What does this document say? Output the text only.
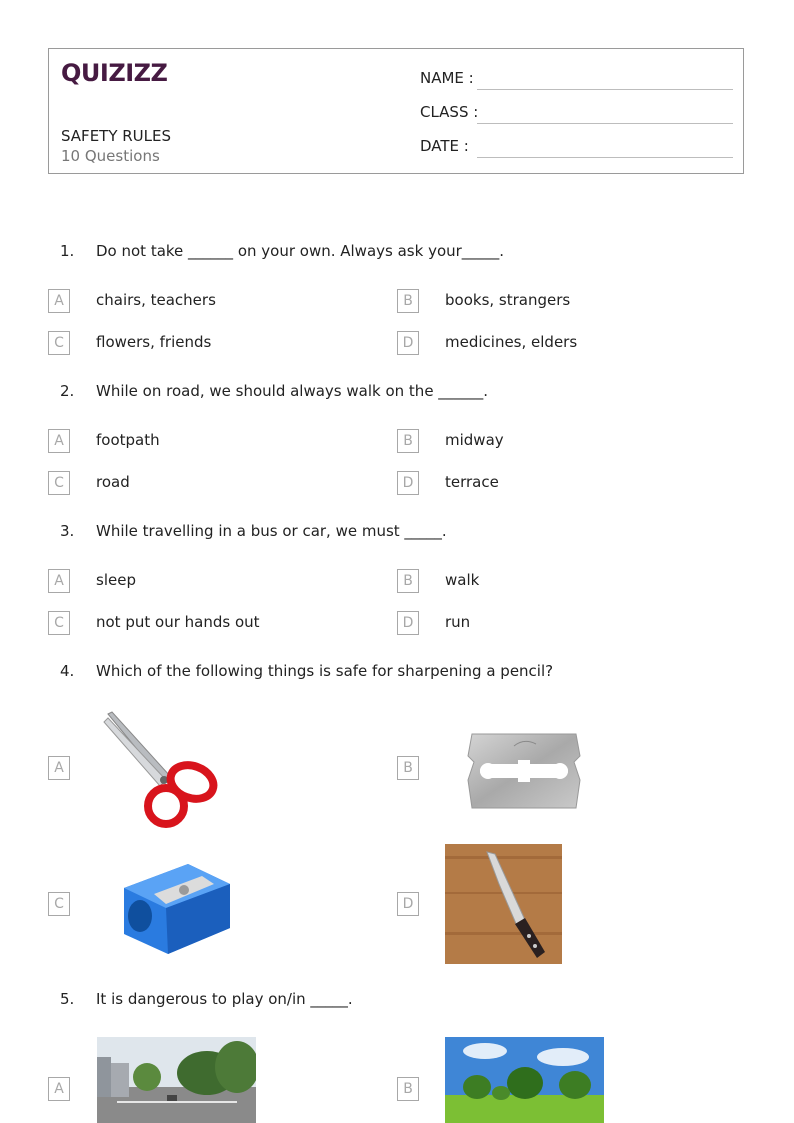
QUIZIZZ
SAFETY RULES
10 Questions
NAME :
CLASS :
DATE :
1. Do not take ______ on your own. Always ask your_____.
A	chairs, teachers	B	books, strangers
C	flowers, friends	D	medicines, elders
2. While on road, we should always walk on the ______.
A	footpath	B	midway
C	road	D	terrace
3. While travelling in a bus or car, we must _____.
A	sleep	B	walk
C	not put our hands out	D	run
4. Which of the following things is safe for sharpening a pencil?
A	B
C	D
5. It is dangerous to play on/in _____.
A	B
